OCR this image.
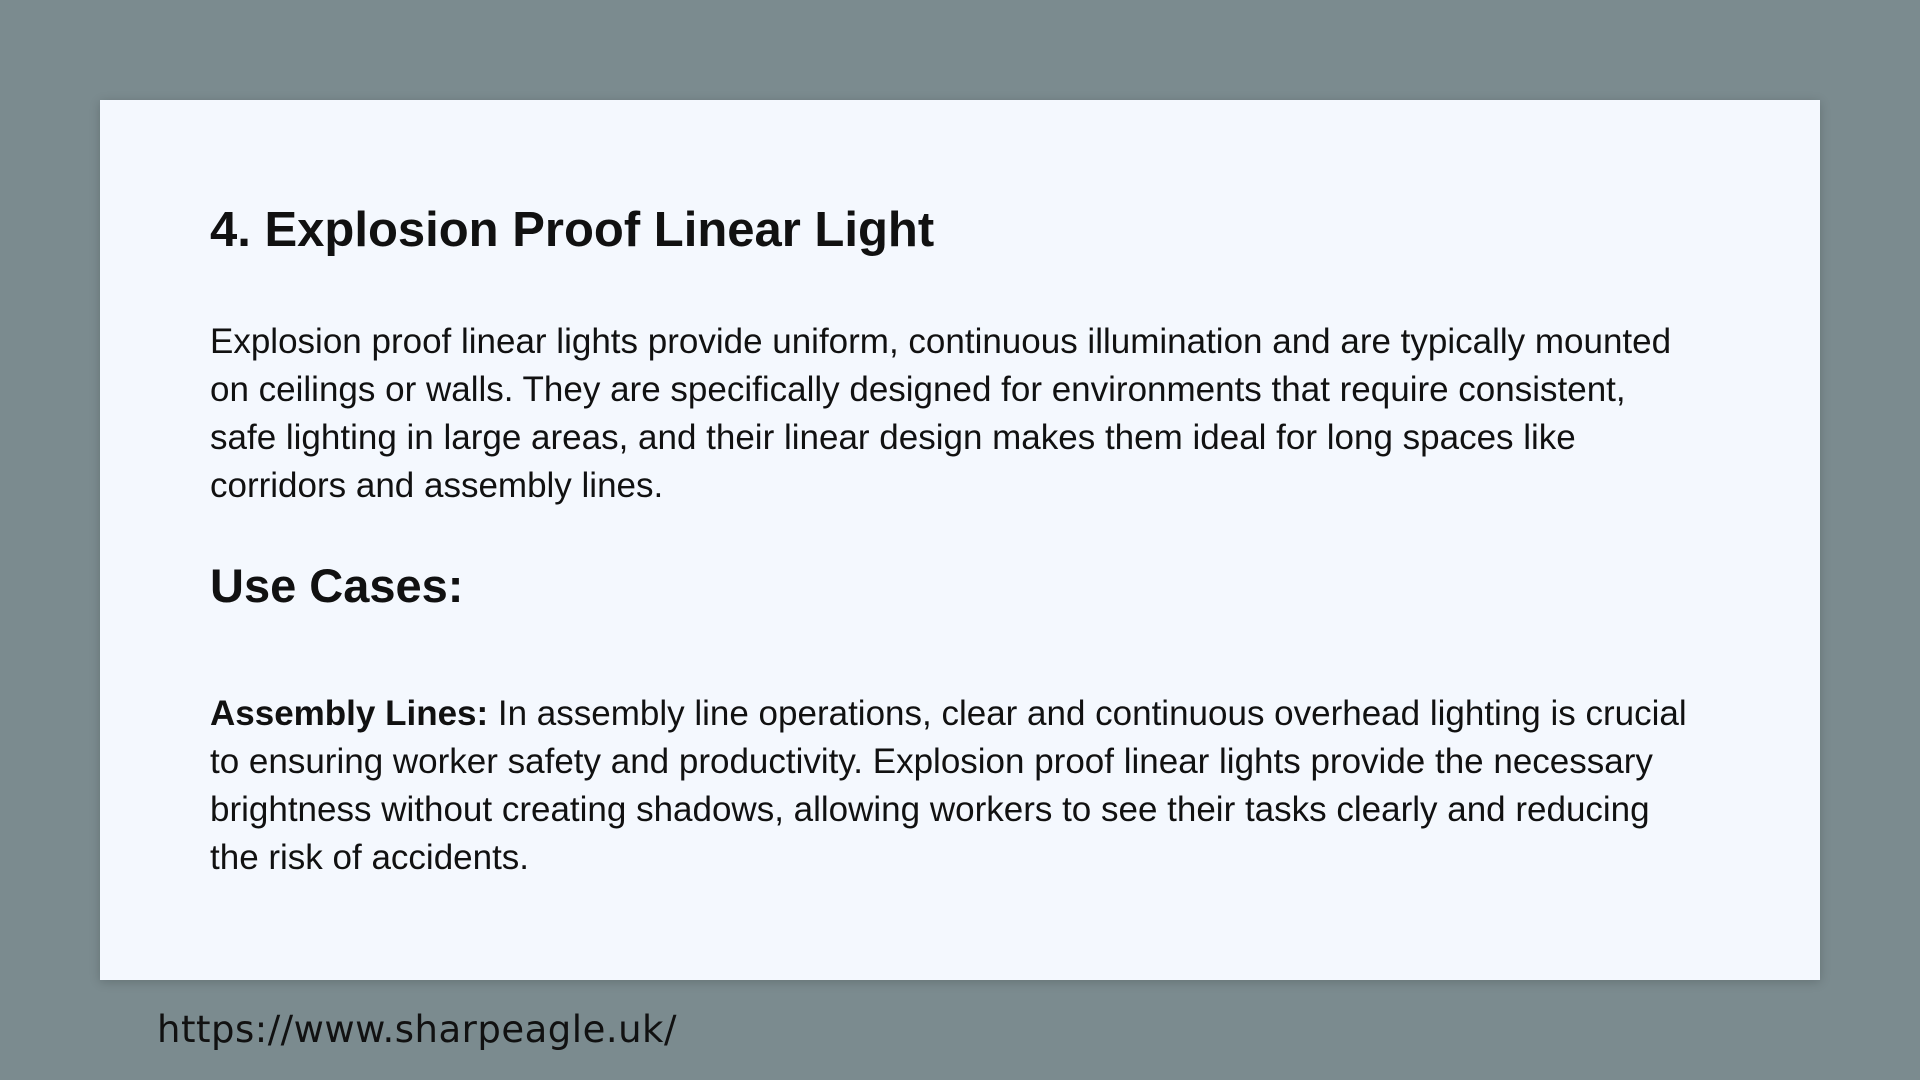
4. Explosion Proof Linear Light

Explosion proof linear lights provide uniform, continuous illumination and are typically mounted on ceilings or walls. They are specifically designed for environments that require consistent, safe lighting in large areas, and their linear design makes them ideal for long spaces like corridors and assembly lines.

Use Cases:

Assembly Lines: In assembly line operations, clear and continuous overhead lighting is crucial to ensuring worker safety and productivity. Explosion proof linear lights provide the necessary brightness without creating shadows, allowing workers to see their tasks clearly and reducing the risk of accidents.

https://www.sharpeagle.uk/
